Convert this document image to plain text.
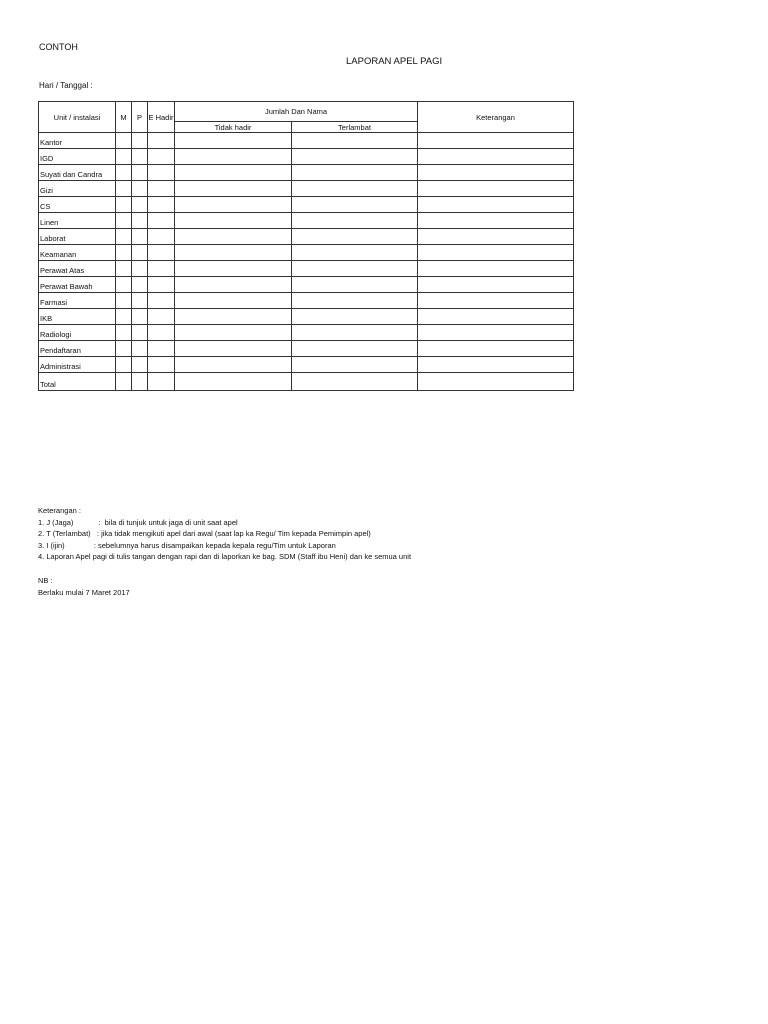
CONTOH
LAPORAN APEL PAGI
Hari / Tanggal :
Unit / instalasi	M	P	E Hadir	Jumlah Dan Nama		Keterangan
				Tidak hadir	Terlambat	
Kantor						
IGD						
Suyati dan Candra						
Gizi						
CS						
Linen						
Laborat						
Keamanan						
Perawat Atas						
Perawat Bawah						
Farmasi						
IKB						
Radiologi						
Pendaftaran						
Administrasi						
Total						
Keterangan :
1. J (Jaga)            :  bila di tunjuk untuk jaga di unit saat apel
2. T (Terlambat)   : jika tidak mengikuti apel dari awal (saat lap ka Regu/ Tim kepada Pemimpin apel)
3. I (ijin)              : sebelumnya harus disampaikan kepada kepala regu/Tim untuk Laporan
4. Laporan Apel pagi di tulis tangan dengan rapi dan di laporkan ke bag. SDM (Staff ibu Heni) dan ke semua unit
NB :
Berlaku mulai 7 Maret 2017
